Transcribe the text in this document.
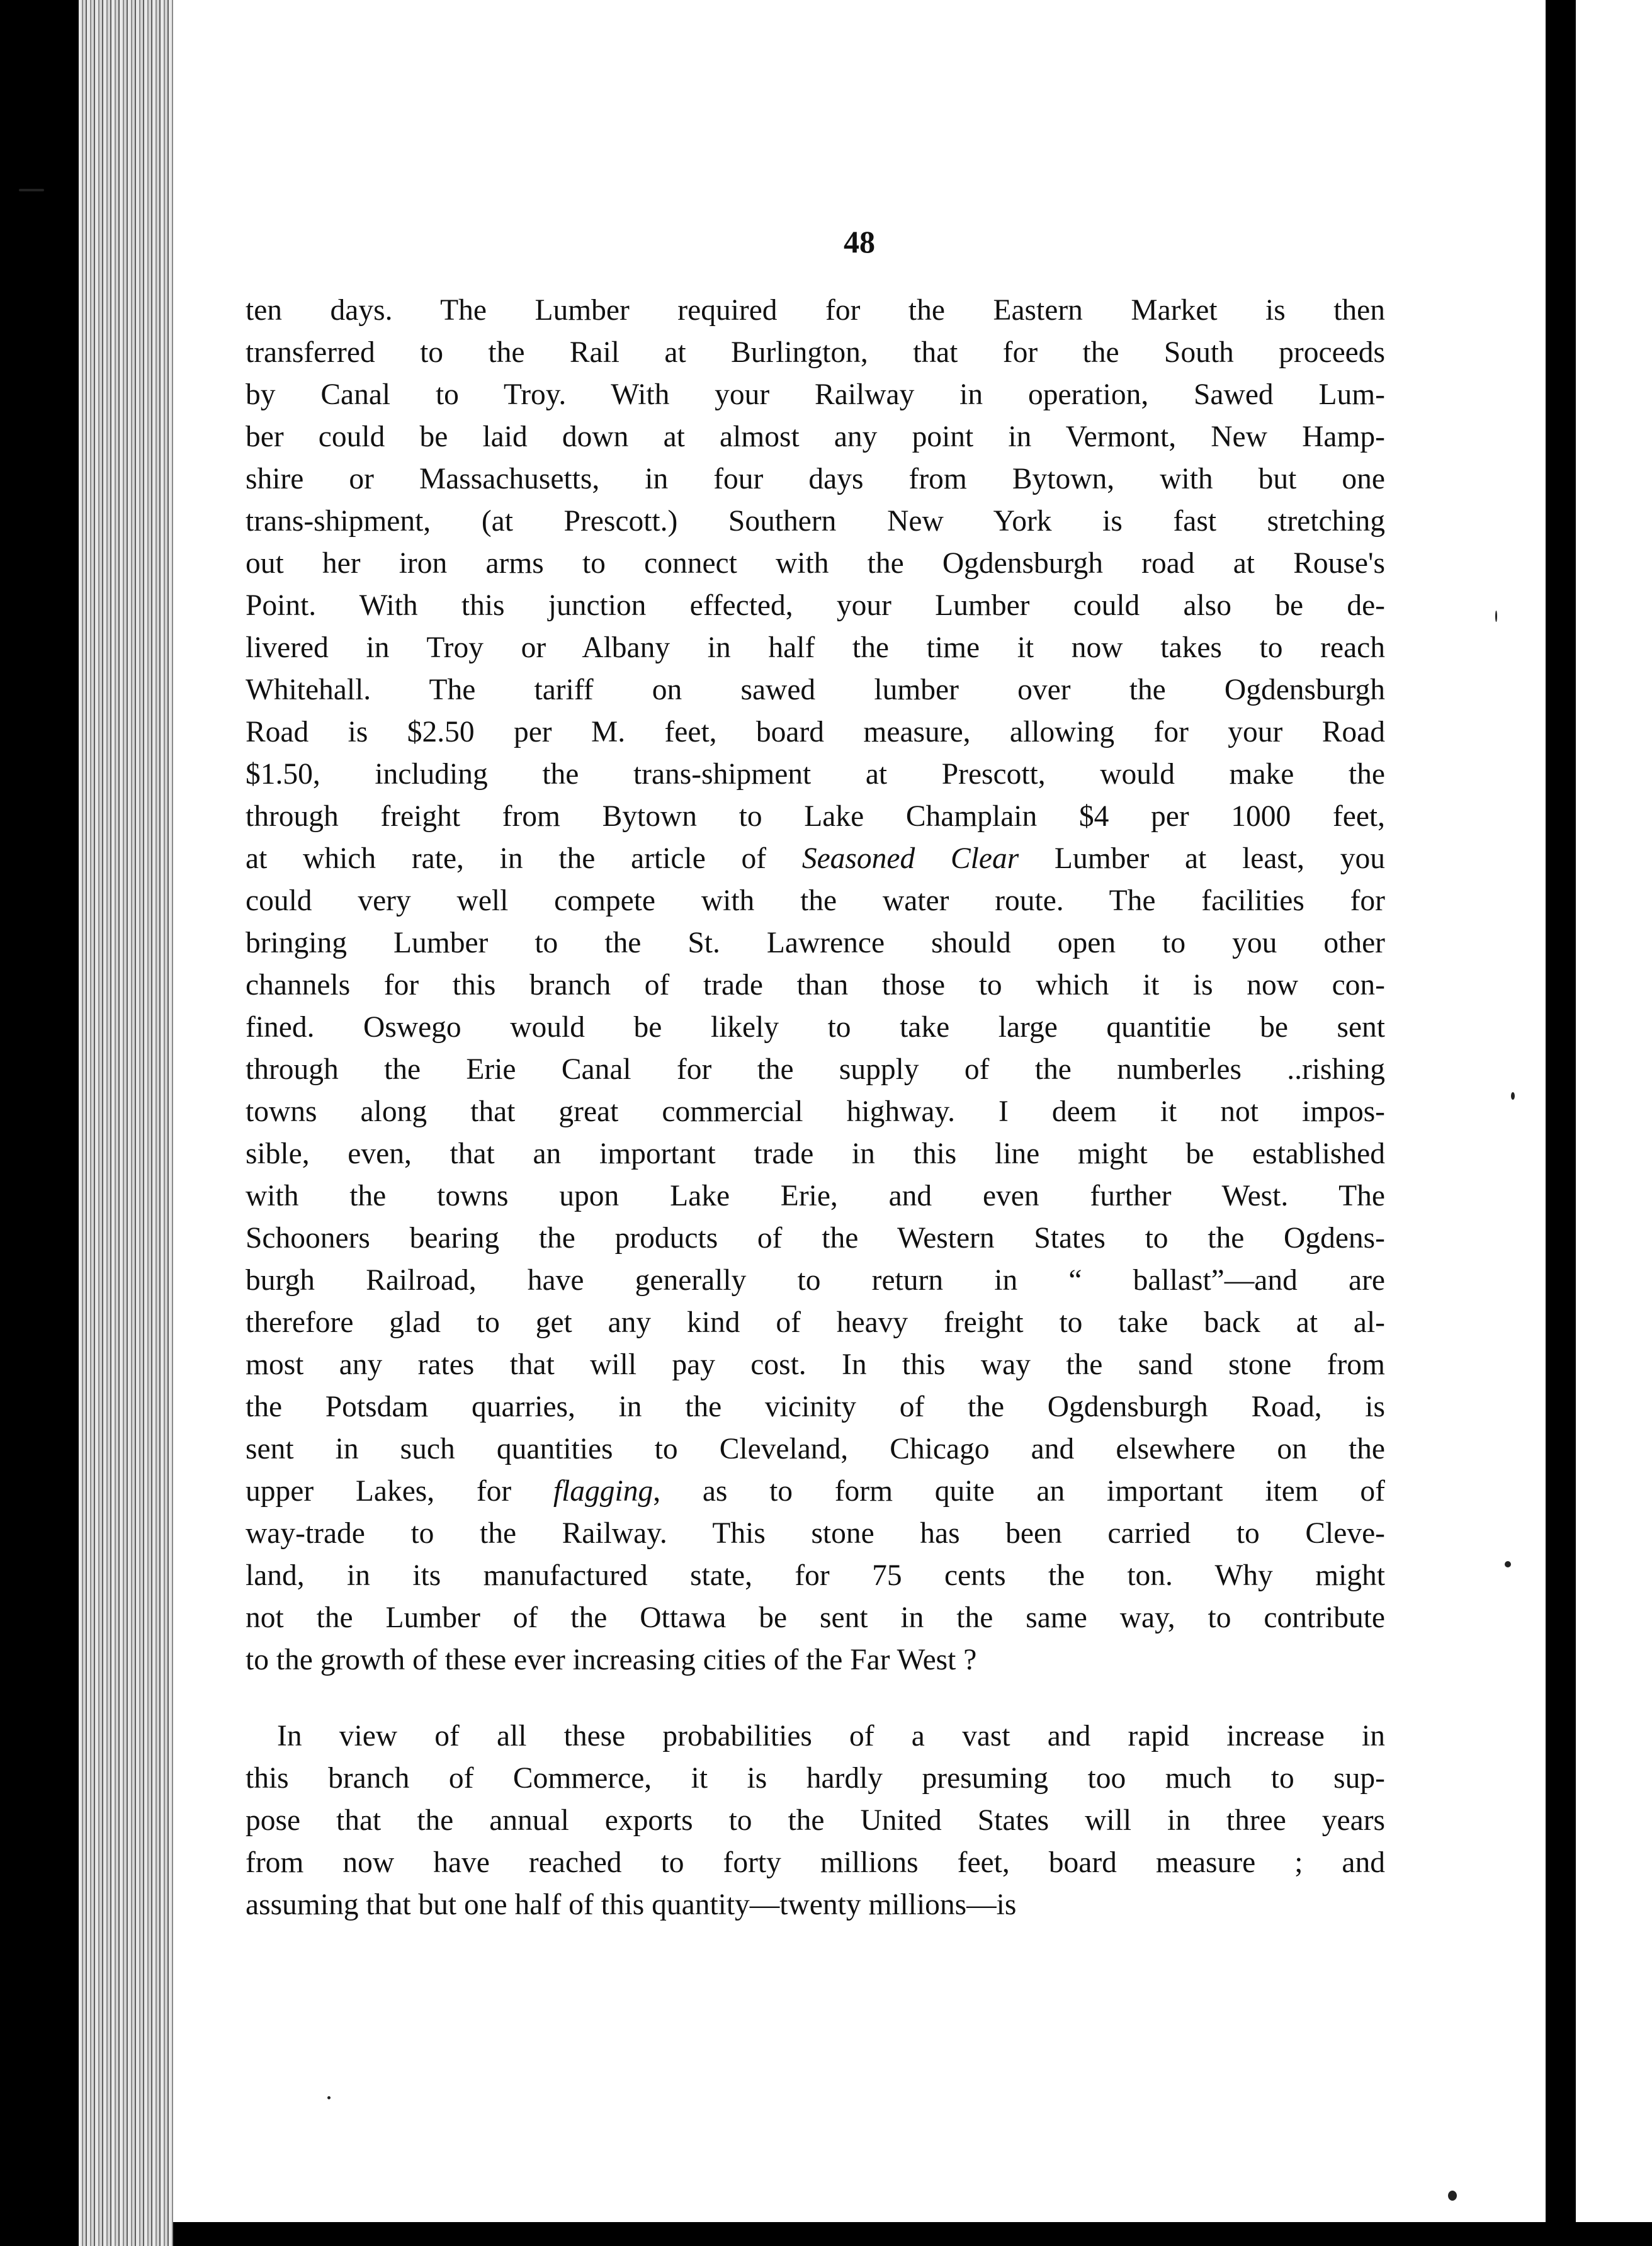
48
ten days. The Lumber required for the Eastern Market is then
transferred to the Rail at Burlington, that for the South proceeds
by Canal to Troy. With your Railway in operation, Sawed Lum-
ber could be laid down at almost any point in Vermont, New Hamp-
shire or Massachusetts, in four days from Bytown, with but one
trans-shipment, (at Prescott.) Southern New York is fast stretching
out her iron arms to connect with the Ogdensburgh road at Rouse's
Point. With this junction effected, your Lumber could also be de-
livered in Troy or Albany in half the time it now takes to reach
Whitehall. The tariff on sawed lumber over the Ogdensburgh
Road is $2.50 per M. feet, board measure, allowing for your Road
$1.50, including the trans-shipment at Prescott, would make the
through freight from Bytown to Lake Champlain $4 per 1000 feet,
at which rate, in the article of Seasoned Clear Lumber at least, you
could very well compete with the water route. The facilities for
bringing Lumber to the St. Lawrence should open to you other
channels for this branch of trade than those to which it is now con-
fined. Oswego would be likely to take large quantitie be sent
through the Erie Canal for the supply of the numberles ..rishing
towns along that great commercial highway. I deem it not impos-
sible, even, that an important trade in this line might be established
with the towns upon Lake Erie, and even further West. The
Schooners bearing the products of the Western States to the Ogdens-
burgh Railroad, have generally to return in “ ballast”—and are
therefore glad to get any kind of heavy freight to take back at al-
most any rates that will pay cost. In this way the sand stone from
the Potsdam quarries, in the vicinity of the Ogdensburgh Road, is
sent in such quantities to Cleveland, Chicago and elsewhere on the
upper Lakes, for flagging, as to form quite an important item of
way-trade to the Railway. This stone has been carried to Cleve-
land, in its manufactured state, for 75 cents the ton. Why might
not the Lumber of the Ottawa be sent in the same way, to contribute
to the growth of these ever increasing cities of the Far West ?
In view of all these probabilities of a vast and rapid increase in
this branch of Commerce, it is hardly presuming too much to sup-
pose that the annual exports to the United States will in three years
from now have reached to forty millions feet, board measure ; and
assuming that but one half of this quantity—twenty millions—is
